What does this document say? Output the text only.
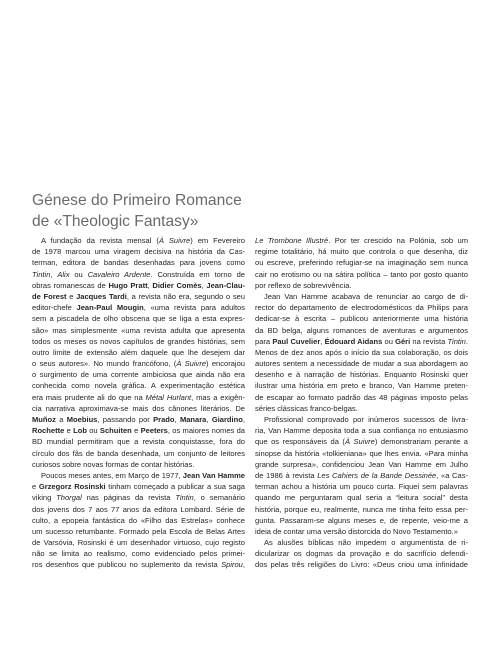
Génese do Primeiro Romance
de «Theologic Fantasy»
A fundação da revista mensal (À Suivre) em Fevereiro
de 1978 marcou uma viragem decisiva na história da Cas-
terman, editora de bandas desenhadas para jovens como
Tintin, Alix ou Cavaleiro Ardente. Construída em torno de
obras romanescas de Hugo Pratt, Didier Comès, Jean-Clau-
de Forest e Jacques Tardi, a revista não era, segundo o seu
editor-chefe Jean-Paul Mougin, «uma revista para adultos
sem a piscadela de olho obscena que se liga a esta expres-
são» mas simplesmente «uma revista adulta que apresenta
todos os meses os novos capítulos de grandes histórias, sem
outro limite de extensão além daquele que lhe desejem dar
o seus autores». No mundo francófono, (À Suivre) encorajou
o surgimento de uma corrente ambiciosa que ainda não era
conhecida como novela gráfica. A experimentação estética
era mais prudente ali do que na Métal Hurlant, mas a exigên-
cia narrativa aproximava-se mais dos cânones literários. De
Muñoz a Moebius, passando por Prado, Manara, Giardino,
Rochette e Lob ou Schuiten e Peeters, os maiores nomes da
BD mundial permitiram que a revista conquistasse, fora do
círculo dos fãs de banda desenhada, um conjunto de leitores
curiosos sobre novas formas de contar histórias.
Poucos meses antes, em Março de 1977, Jean Van Hamme
e Grzegorz Rosinski tinham começado a publicar a sua saga
viking Thorgal nas páginas da revista Tintin, o semanário
dos jovens dos 7 aos 77 anos da editora Lombard. Série de
culto, a epopeia fantástica do «Filho das Estrelas» conhece
um sucesso retumbante. Formado pela Escola de Belas Artes
de Varsóvia, Rosinski é um desenhador virtuoso, cujo registo
não se limita ao realismo, como evidenciado pelos primei-
ros desenhos que publicou no suplemento da revista Spirou,
Le Trombone Illustré. Por ter crescido na Polónia, sob um
regime totalitário, há muito que controla o que desenha, diz
ou escreve, preferindo refugiar-se na imaginação sem nunca
cair no erotismo ou na sátira política – tanto por gosto quanto
por reflexo de sobrevivência.
Jean Van Hamme acabava de renunciar ao cargo de di-
rector do departamento de electrodomésticos da Philips para
dedicar-se à escrita – publicou anteriormente uma história
da BD belga, alguns romances de aventuras e argumentos
para Paul Cuvelier, Édouard Aidans ou Géri na revista Tintin.
Menos de dez anos após o início da sua colaboração, os dois
autores sentem a necessidade de mudar a sua abordagem ao
desenho e à narração de histórias. Enquanto Rosinski quer
ilustrar uma história em preto e branco, Van Hamme preten-
de escapar ao formato padrão das 48 páginas imposto pelas
séries clássicas franco-belgas.
Profissional comprovado por inúmeros sucessos de livra-
ria, Van Hamme deposita toda a sua confiança no entusiasmo
que os responsáveis da (À Suivre) demonstrariam perante a
sinopse da história «tolkieniana» que lhes envia. «Para minha
grande surpresa», confidenciou Jean Van Hamme em Julho
de 1986 à revista Les Cahiers de la Bande Dessinée, «a Cas-
terman achou a história um pouco curta. Fiquei sem palavras
quando me perguntaram qual seria a “leitura social” desta
história, porque eu, realmente, nunca me tinha feito essa per-
gunta. Passaram-se alguns meses e, de repente, veio-me a
ideia de contar uma versão distorcida do Novo Testamento.»
As alusões bíblicas não impedem o argumentista de ri-
dicularizar os dogmas da provação e do sacrifício defendi-
dos pelas três religiões do Livro: «Deus criou uma infinidade
